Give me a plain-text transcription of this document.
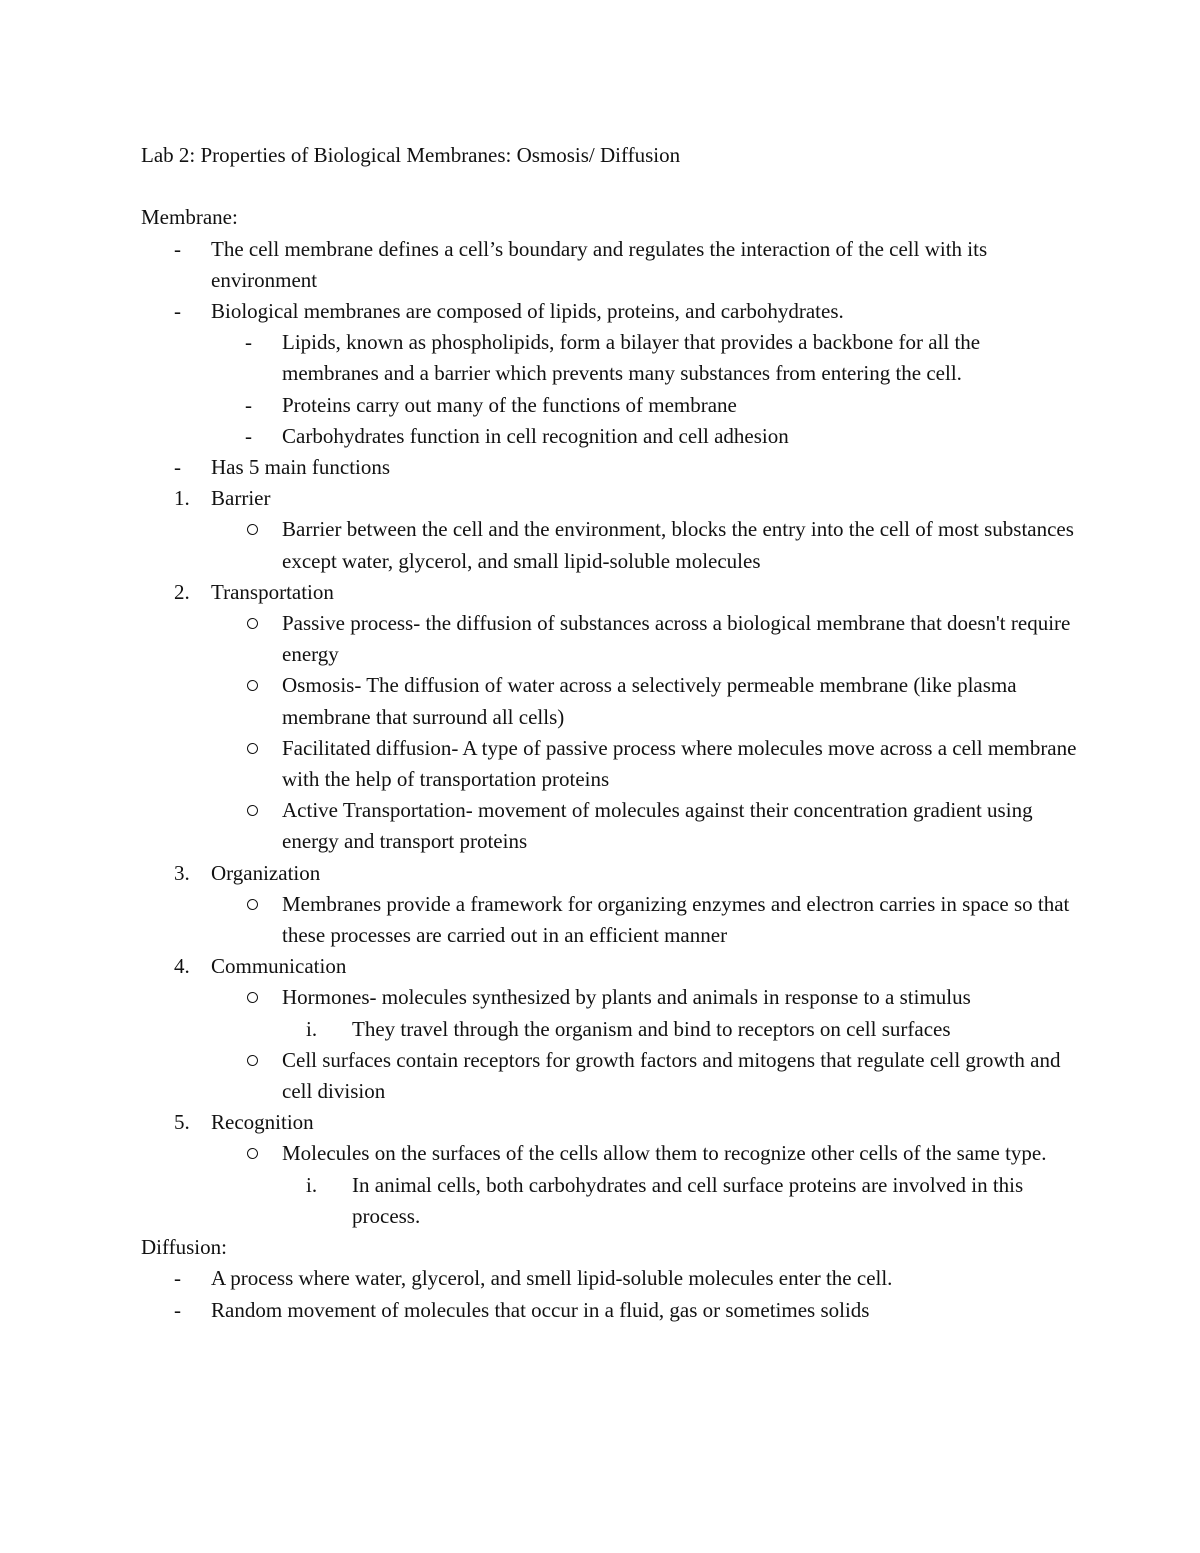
Lab 2: Properties of Biological Membranes: Osmosis/ Diffusion
Membrane:
- The cell membrane defines a cell’s boundary and regulates the interaction of the cell with its environment
- Biological membranes are composed of lipids, proteins, and carbohydrates.
- Lipids, known as phospholipids, form a bilayer that provides a backbone for all the membranes and a barrier which prevents many substances from entering the cell.
- Proteins carry out many of the functions of membrane
- Carbohydrates function in cell recognition and cell adhesion
- Has 5 main functions
1. Barrier
Barrier between the cell and the environment, blocks the entry into the cell of most substances except water, glycerol, and small lipid-soluble molecules
2. Transportation
Passive process- the diffusion of substances across a biological membrane that doesn't require energy
Osmosis- The diffusion of water across a selectively permeable membrane (like plasma membrane that surround all cells)
Facilitated diffusion- A type of passive process where molecules move across a cell membrane with the help of transportation proteins
Active Transportation- movement of molecules against their concentration gradient using energy and transport proteins
3. Organization
Membranes provide a framework for organizing enzymes and electron carries in space so that these processes are carried out in an efficient manner
4. Communication
Hormones- molecules synthesized by plants and animals in response to a stimulus
i. They travel through the organism and bind to receptors on cell surfaces
Cell surfaces contain receptors for growth factors and mitogens that regulate cell growth and cell division
5. Recognition
Molecules on the surfaces of the cells allow them to recognize other cells of the same type.
i. In animal cells, both carbohydrates and cell surface proteins are involved in this process.
Diffusion:
- A process where water, glycerol, and smell lipid-soluble molecules enter the cell.
- Random movement of molecules that occur in a fluid, gas or sometimes solids
